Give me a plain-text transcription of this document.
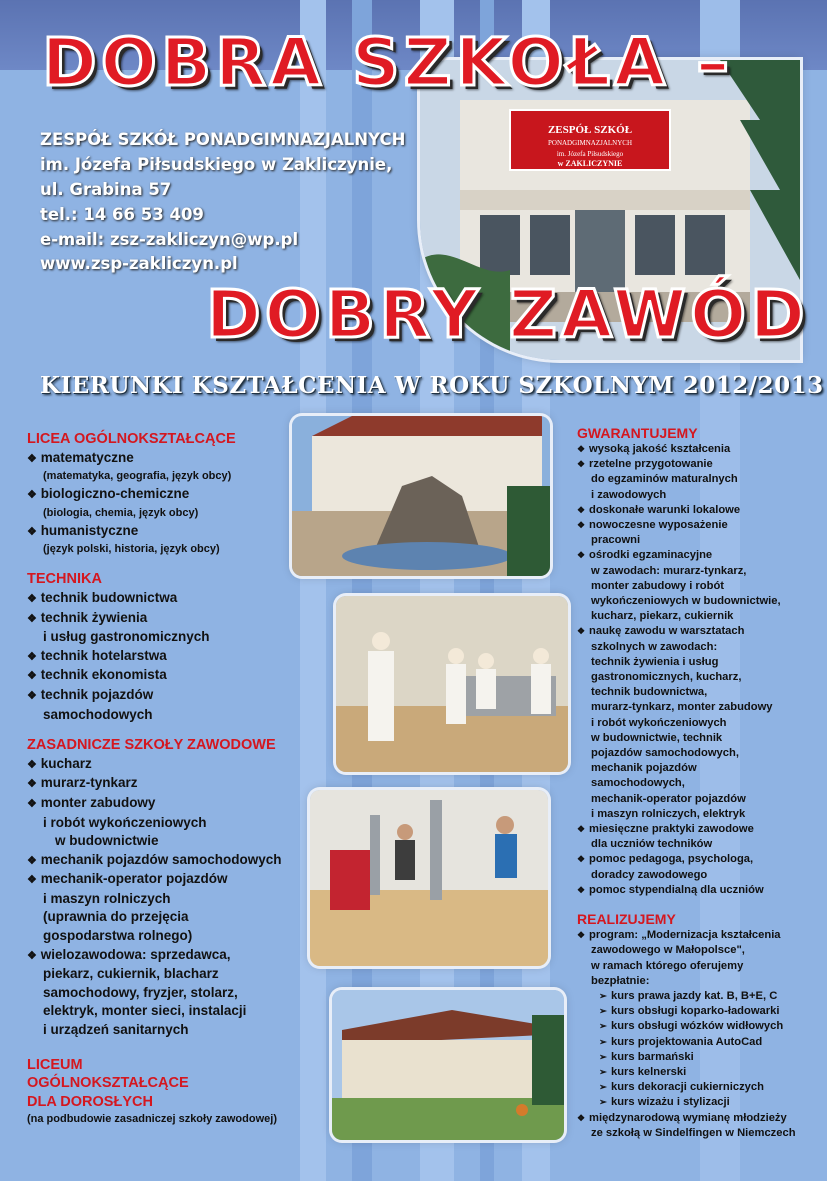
ZESPÓŁ SZKÓŁ
PONADGIMNAZJALNYCH
im. Józefa Piłsudskiego
w ZAKLICZYNIE
DOBRA SZKOŁA –
ZESPÓŁ SZKÓŁ PONADGIMNAZJALNYCH
im. Józefa Piłsudskiego w Zakliczynie,
ul. Grabina 57
tel.: 14 66 53 409
e-mail: zsz-zakliczyn@wp.pl
www.zsp-zakliczyn.pl
DOBRY ZAWÓD
KIERUNKI KSZTAŁCENIA W ROKU SZKOLNYM 2012/2013

LICEA OGÓLNOKSZTAŁCĄCE

❖ matematyczne

(matematyka, geografia, język obcy)

❖ biologiczno-chemiczne

(biologia, chemia, język obcy)

❖ humanistyczne

(język polski, historia, język obcy)

TECHNIKA

❖ technik budownictwa

❖ technik żywienia

i usług gastronomicznych

❖ technik hotelarstwa

❖ technik ekonomista

❖ technik pojazdów

samochodowych

ZASADNICZE SZKOŁY ZAWODOWE

❖ kucharz

❖ murarz-tynkarz

❖ monter zabudowy

i robót wykończeniowych

w budownictwie

❖ mechanik pojazdów samochodowych

❖ mechanik-operator pojazdów

i maszyn rolniczych

(uprawnia do przejęcia

gospodarstwa rolnego)

❖ wielozawodowa: sprzedawca,

piekarz, cukiernik, blacharz

samochodowy, fryzjer, stolarz,

elektryk, monter sieci, instalacji

i urządzeń sanitarnych

LICEUM

OGÓLNOKSZTAŁCĄCE

DLA DOROSŁYCH

(na podbudowie zasadniczej szkoły zawodowej)

GWARANTUJEMY

❖ wysoką jakość kształcenia

❖ rzetelne przygotowanie

do egzaminów maturalnych

i zawodowych

❖ doskonałe warunki lokalowe

❖ nowoczesne wyposażenie

pracowni

❖ ośrodki egzaminacyjne

w zawodach: murarz-tynkarz,

monter zabudowy i robót

wykończeniowych w budownictwie,

kucharz, piekarz, cukiernik

❖ naukę zawodu w warsztatach

szkolnych w zawodach:

technik żywienia i usług

gastronomicznych, kucharz,

technik budownictwa,

murarz-tynkarz, monter zabudowy

i robót wykończeniowych

w budownictwie, technik

pojazdów samochodowych,

mechanik pojazdów

samochodowych,

mechanik-operator pojazdów

i maszyn rolniczych, elektryk

❖ miesięczne praktyki zawodowe

dla uczniów techników

❖ pomoc pedagoga, psychologa,

doradcy zawodowego

❖ pomoc stypendialną dla uczniów

REALIZUJEMY

❖ program: „Modernizacja kształcenia

zawodowego w Małopolsce",

w ramach którego oferujemy

bezpłatnie:

➢ kurs prawa jazdy kat. B, B+E, C

➢ kurs obsługi koparko-ładowarki

➢ kurs obsługi wózków widłowych

➢ kurs projektowania AutoCad

➢ kurs barmański

➢ kurs kelnerski

➢ kurs dekoracji cukierniczych

➢ kurs wizażu i stylizacji

❖ międzynarodową wymianę młodzieży

ze szkołą w Sindelfingen w Niemczech
